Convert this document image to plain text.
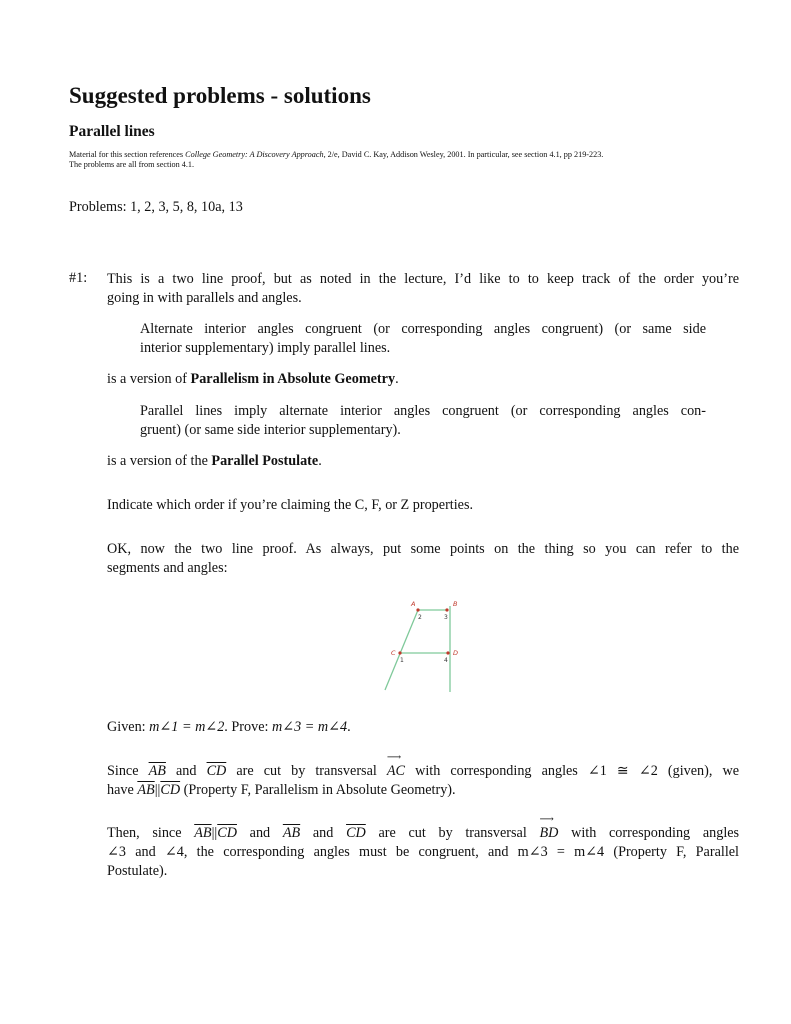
Suggested problems - solutions
Parallel lines
Material for this section references College Geometry: A Discovery Approach, 2/e, David C. Kay, Addison Wesley, 2001. In particular, see section 4.1, pp 219-223.
The problems are all from section 4.1.
Problems: 1, 2, 3, 5, 8, 10a, 13
#1: This is a two line proof, but as noted in the lecture, I’d like to to keep track of the order you’re
going in with parallels and angles.
Alternate interior angles congruent (or corresponding angles congruent) (or same side
interior supplementary) imply parallel lines.
is a version of Parallelism in Absolute Geometry.
Parallel lines imply alternate interior angles congruent (or corresponding angles con-
gruent) (or same side interior supplementary).
is a version of the Parallel Postulate.
Indicate which order if you’re claiming the C, F, or Z properties.
OK, now the two line proof. As always, put some points on the thing so you can refer to the
segments and angles:
A	B
C	D
1
2	3
4
Given: m∠1 = m∠2. Prove: m∠3 = m∠4.
Since $\overline{AB}$ and $\overline{CD}$ are cut by transversal
⟶
AC with corresponding angles ∠1 ≅ ∠2 (given), we
have $\overline{AB}||\overline{CD}$ (Property F, Parallelism in Absolute Geometry).
Then, since $\overline{AB}||\overline{CD}$ and $\overline{AB}$ and $\overline{CD}$ are cut by transversal
⟶
BD with corresponding angles
∠3 and ∠4, the corresponding angles must be congruent, and m∠3 = m∠4 (Property F, Parallel
Postulate).
